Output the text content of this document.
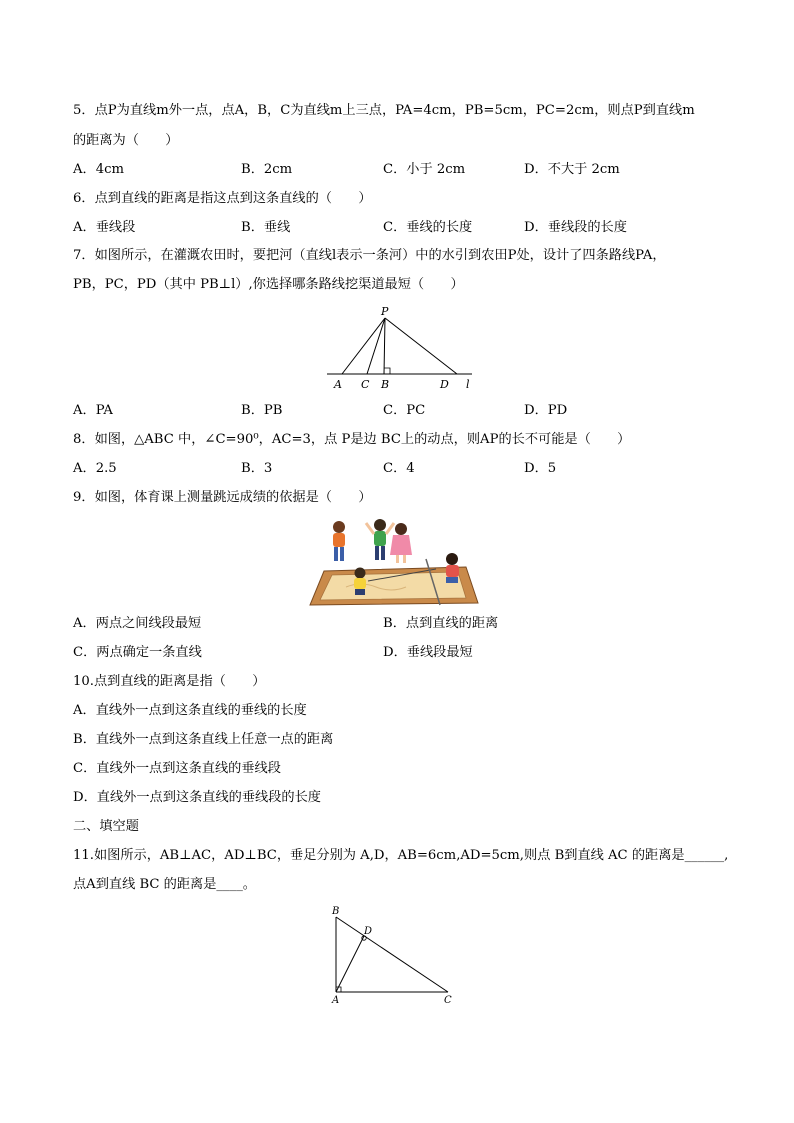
5．点P为直线m外一点，点A，B，C为直线m上三点，PA=4cm，PB=5cm，PC=2cm，则点P到直线m
的距离为（　　）
A．4cm	B．2cm	C．小于 2cm	D．不大于 2cm
6．点到直线的距离是指这点到这条直线的（　　）
A．垂线段	B．垂线	C．垂线的长度	D．垂线段的长度
7．如图所示，在灌溉农田时，要把河（直线l表示一条河）中的水引到农田P处，设计了四条路线PA，
PB，PC，PD（其中 PB⊥l）,你选择哪条路线挖渠道最短（　　）
P
A C B	D l
A．PA	B．PB	C．PC	D．PD
8．如图，△ABC 中，∠C=90⁰，AC=3，点 P是边 BC上的动点，则AP的长不可能是（　　）
A．2.5	B．3	C．4	D．5
9．如图，体育课上测量跳远成绩的依据是（　　）
A．两点之间线段最短	B．点到直线的距离
C．两点确定一条直线	D．垂线段最短
10.点到直线的距离是指（　　）
A．直线外一点到这条直线的垂线的长度
B．直线外一点到这条直线上任意一点的距离
C．直线外一点到这条直线的垂线段
D．直线外一点到这条直线的垂线段的长度
二、填空题
11.如图所示，AB⊥AC，AD⊥BC，垂足分别为 A,D，AB=6cm,AD=5cm,则点 B到直线 AC 的距离是______,
点A到直线 BC 的距离是____。
B
D
A	C
